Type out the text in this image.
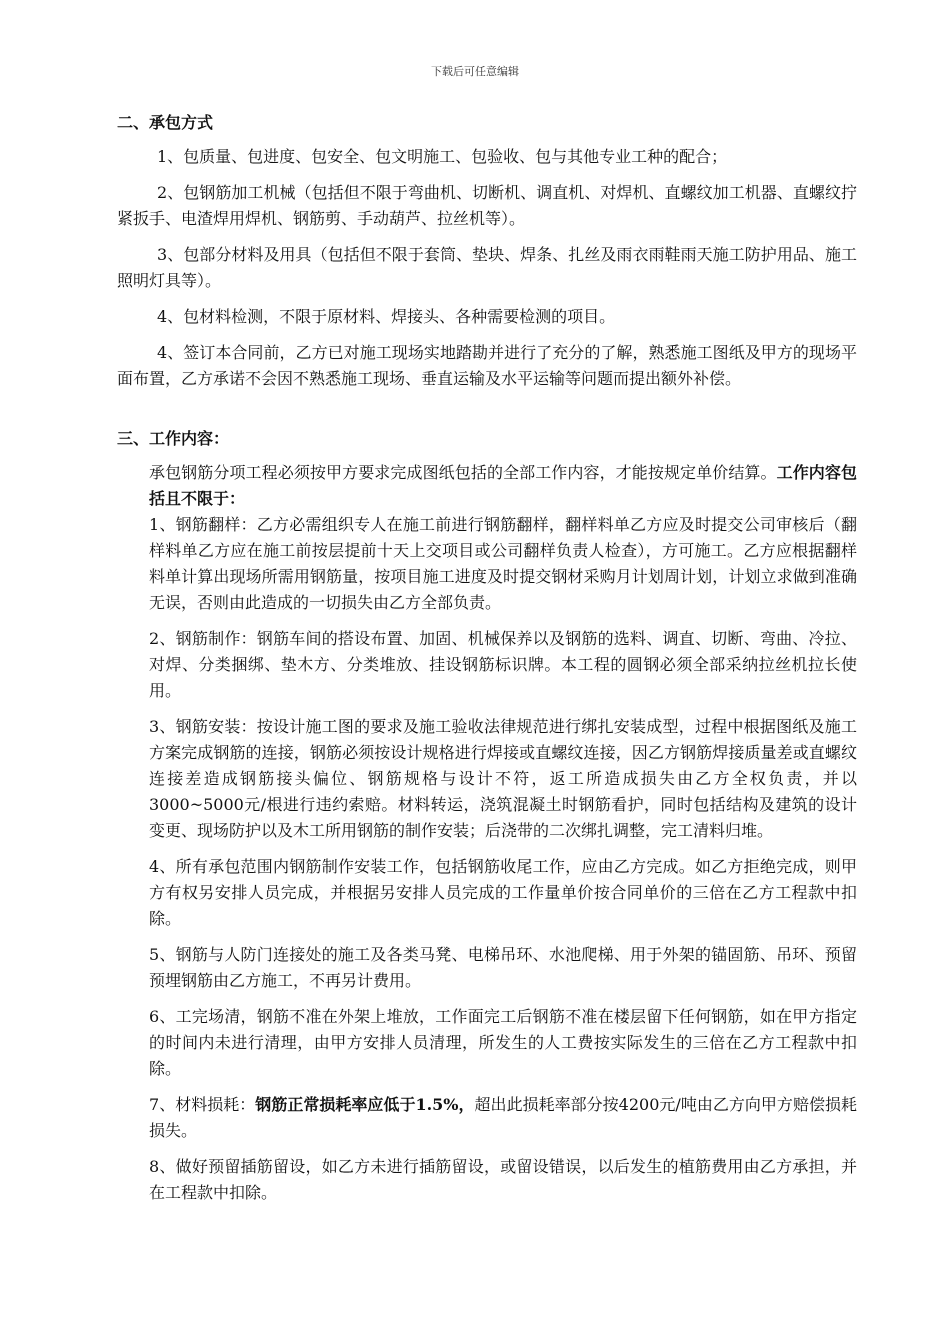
下载后可任意编辑

二、承包方式

1、包质量、包进度、包安全、包文明施工、包验收、包与其他专业工种的配合；

2、包钢筋加工机械（包括但不限于弯曲机、切断机、调直机、对焊机、直螺纹加工机器、直螺纹拧紧扳手、电渣焊用焊机、钢筋剪、手动葫芦、拉丝机等）。

3、包部分材料及用具（包括但不限于套筒、垫块、焊条、扎丝及雨衣雨鞋雨天施工防护用品、施工照明灯具等）。

4、包材料检测，不限于原材料、焊接头、各种需要检测的项目。

4、签订本合同前，乙方已对施工现场实地踏勘并进行了充分的了解，熟悉施工图纸及甲方的现场平面布置，乙方承诺不会因不熟悉施工现场、垂直运输及水平运输等问题而提出额外补偿。

三、工作内容：

承包钢筋分项工程必须按甲方要求完成图纸包括的全部工作内容，才能按规定单价结算。工作内容包括且不限于：

1、钢筋翻样：乙方必需组织专人在施工前进行钢筋翻样，翻样料单乙方应及时提交公司审核后（翻样料单乙方应在施工前按层提前十天上交项目或公司翻样负责人检查），方可施工。乙方应根据翻样料单计算出现场所需用钢筋量，按项目施工进度及时提交钢材采购月计划周计划，计划立求做到准确无误，否则由此造成的一切损失由乙方全部负责。

2、钢筋制作：钢筋车间的搭设布置、加固、机械保养以及钢筋的选料、调直、切断、弯曲、冷拉、对焊、分类捆绑、垫木方、分类堆放、挂设钢筋标识牌。本工程的圆钢必须全部采纳拉丝机拉长使用。

3、钢筋安装：按设计施工图的要求及施工验收法律规范进行绑扎安装成型，过程中根据图纸及施工方案完成钢筋的连接，钢筋必须按设计规格进行焊接或直螺纹连接，因乙方钢筋焊接质量差或直螺纹连接差造成钢筋接头偏位、钢筋规格与设计不符，返工所造成损失由乙方全权负责，并以3000~5000元/根进行违约索赔。材料转运，浇筑混凝土时钢筋看护，同时包括结构及建筑的设计变更、现场防护以及木工所用钢筋的制作安装；后浇带的二次绑扎调整，完工清料归堆。

4、所有承包范围内钢筋制作安装工作，包括钢筋收尾工作，应由乙方完成。如乙方拒绝完成，则甲方有权另安排人员完成，并根据另安排人员完成的工作量单价按合同单价的三倍在乙方工程款中扣除。

5、钢筋与人防门连接处的施工及各类马凳、电梯吊环、水池爬梯、用于外架的锚固筋、吊环、预留预埋钢筋由乙方施工，不再另计费用。

6、工完场清，钢筋不准在外架上堆放，工作面完工后钢筋不准在楼层留下任何钢筋，如在甲方指定的时间内未进行清理，由甲方安排人员清理，所发生的人工费按实际发生的三倍在乙方工程款中扣除。

7、材料损耗：钢筋正常损耗率应低于1.5%，超出此损耗率部分按4200元/吨由乙方向甲方赔偿损耗损失。

8、做好预留插筋留设，如乙方未进行插筋留设，或留设错误，以后发生的植筋费用由乙方承担，并在工程款中扣除。
